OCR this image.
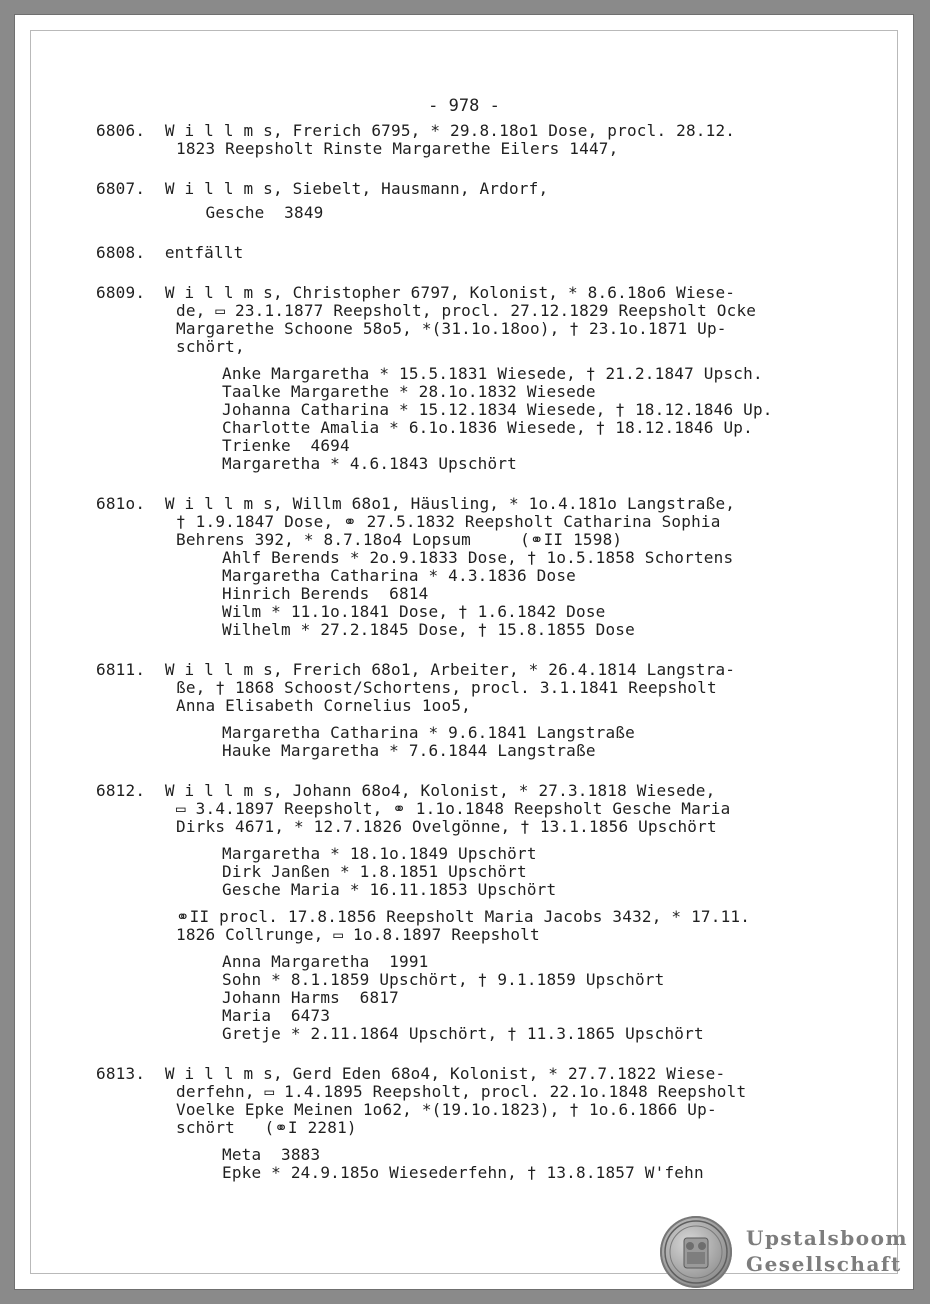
- 978 -
6806.  W i l l m s, Frerich 6795, * 29.8.18o1 Dose, procl. 28.12.
1823 Reepsholt Rinste Margarethe Eilers 1447,
6807.  W i l l m s, Siebelt, Hausmann, Ardorf,
Gesche  3849
6808.  entfällt
6809.  W i l l m s, Christopher 6797, Kolonist, * 8.6.18o6 Wiese-
de, ▭ 23.1.1877 Reepsholt, procl. 27.12.1829 Reepsholt Ocke
Margarethe Schoone 58o5, *(31.1o.18oo), † 23.1o.1871 Up-
schört,
Anke Margaretha * 15.5.1831 Wiesede, † 21.2.1847 Upsch.
Taalke Margarethe * 28.1o.1832 Wiesede
Johanna Catharina * 15.12.1834 Wiesede, † 18.12.1846 Up.
Charlotte Amalia * 6.1o.1836 Wiesede, † 18.12.1846 Up.
Trienke  4694
Margaretha * 4.6.1843 Upschört
681o.  W i l l m s, Willm 68o1, Häusling, * 1o.4.181o Langstraße,
† 1.9.1847 Dose, ⚭ 27.5.1832 Reepsholt Catharina Sophia
Behrens 392, * 8.7.18o4 Lopsum     (⚭II 1598)
Ahlf Berends * 2o.9.1833 Dose, † 1o.5.1858 Schortens
Margaretha Catharina * 4.3.1836 Dose
Hinrich Berends  6814
Wilm * 11.1o.1841 Dose, † 1.6.1842 Dose
Wilhelm * 27.2.1845 Dose, † 15.8.1855 Dose
6811.  W i l l m s, Frerich 68o1, Arbeiter, * 26.4.1814 Langstra-
ße, † 1868 Schoost/Schortens, procl. 3.1.1841 Reepsholt
Anna Elisabeth Cornelius 1oo5,
Margaretha Catharina * 9.6.1841 Langstraße
Hauke Margaretha * 7.6.1844 Langstraße
6812.  W i l l m s, Johann 68o4, Kolonist, * 27.3.1818 Wiesede,
▭ 3.4.1897 Reepsholt, ⚭ 1.1o.1848 Reepsholt Gesche Maria
Dirks 4671, * 12.7.1826 Ovelgönne, † 13.1.1856 Upschört
Margaretha * 18.1o.1849 Upschört
Dirk Janßen * 1.8.1851 Upschört
Gesche Maria * 16.11.1853 Upschört
⚭II procl. 17.8.1856 Reepsholt Maria Jacobs 3432, * 17.11.
1826 Collrunge, ▭ 1o.8.1897 Reepsholt
Anna Margaretha  1991
Sohn * 8.1.1859 Upschört, † 9.1.1859 Upschört
Johann Harms  6817
Maria  6473
Gretje * 2.11.1864 Upschört, † 11.3.1865 Upschört
6813.  W i l l m s, Gerd Eden 68o4, Kolonist, * 27.7.1822 Wiese-
derfehn, ▭ 1.4.1895 Reepsholt, procl. 22.1o.1848 Reepsholt
Voelke Epke Meinen 1o62, *(19.1o.1823), † 1o.6.1866 Up-
schört   (⚭I 2281)
Meta  3883
Epke * 24.9.185o Wiesederfehn, † 13.8.1857 W'fehn
Upstalsboom
Gesellschaft
